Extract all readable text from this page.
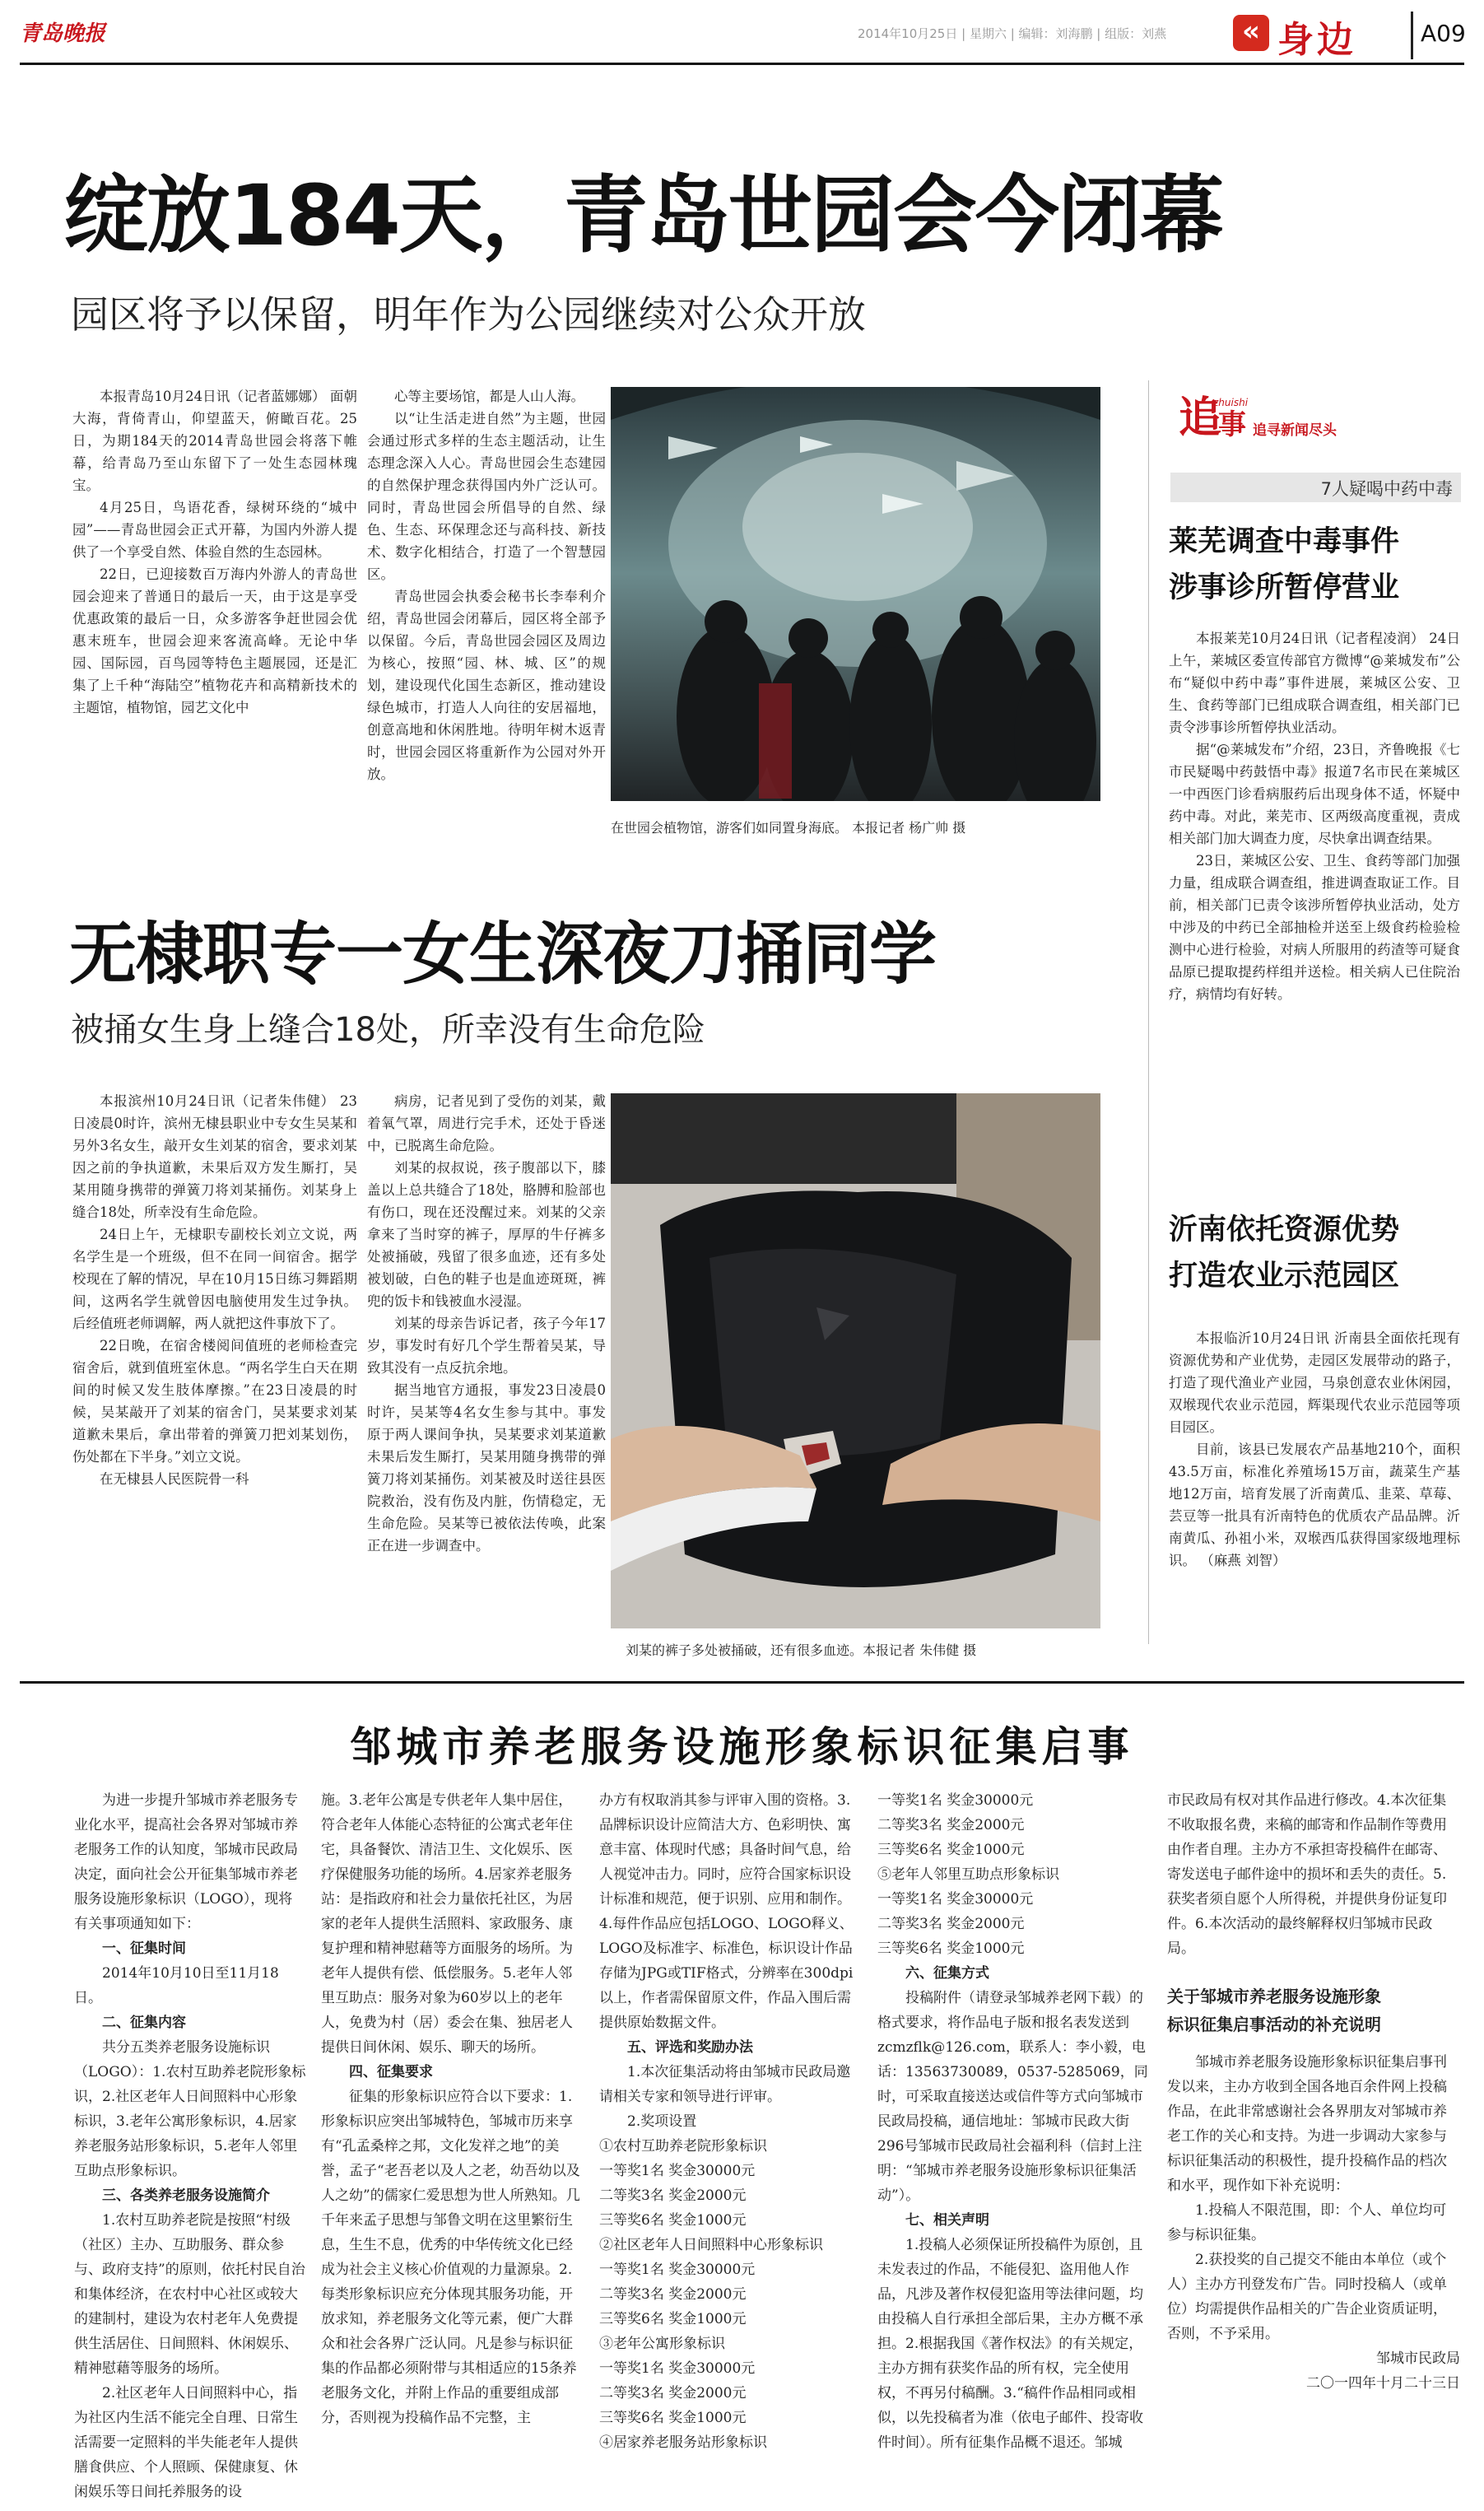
青岛晚报	2014年10月25日 | 星期六 | 编辑：刘海鹏 | 组版：刘燕	« 身边	A09
绽放184天，青岛世园会今闭幕
园区将予以保留，明年作为公园继续对公众开放

本报青岛10月24日讯（记者蓝娜娜） 面朝大海，背倚青山，仰望蓝天，俯瞰百花。25日，为期184天的2014青岛世园会将落下帷幕，给青岛乃至山东留下了一处生态园林瑰宝。

4月25日，鸟语花香，绿树环绕的“城中园”——青岛世园会正式开幕，为国内外游人提供了一个享受自然、体验自然的生态园林。

22日，已迎接数百万海内外游人的青岛世园会迎来了普通日的最后一天，由于这是享受优惠政策的最后一日，众多游客争赶世园会优惠末班车，世园会迎来客流高峰。无论中华园、国际园，百鸟园等特色主题展园，还是汇集了上千种“海陆空”植物花卉和高精新技术的主题馆，植物馆，园艺文化中

心等主要场馆，都是人山人海。

以“让生活走进自然”为主题，世园会通过形式多样的生态主题活动，让生态理念深入人心。青岛世园会生态建园的自然保护理念获得国内外广泛认可。同时，青岛世园会所倡导的自然、绿色、生态、环保理念还与高科技、新技术、数字化相结合，打造了一个智慧园区。

青岛世园会执委会秘书长李奉利介绍，青岛世园会闭幕后，园区将全部予以保留。今后，青岛世园会园区及周边为核心，按照“园、林、城、区”的规划，建设现代化国生态新区，推动建设绿色城市，打造人人向往的安居福地，创意高地和休闲胜地。待明年树木返青时，世园会园区将重新作为公园对外开放。

在世园会植物馆，游客们如同置身海底。 本报记者 杨广帅 摄
追
zhuishi
事 追寻新闻尽头
7人疑喝中药中毒
莱芜调查中毒事件
涉事诊所暂停营业

本报莱芜10月24日讯（记者程凌润） 24日上午，莱城区委宣传部官方微博“@莱城发布”公布“疑似中药中毒”事件进展，莱城区公安、卫生、食药等部门已组成联合调查组，相关部门已责令涉事诊所暂停执业活动。

据“@莱城发布”介绍，23日，齐鲁晚报《七市民疑喝中药鼓悟中毒》报道7名市民在莱城区一中西医门诊看病服药后出现身体不适，怀疑中药中毒。对此，莱芜市、区两级高度重视，责成相关部门加大调查力度，尽快拿出调查结果。

23日，莱城区公安、卫生、食药等部门加强力量，组成联合调查组，推进调查取证工作。目前，相关部门已责令该涉所暂停执业活动，处方中涉及的中药已全部抽检并送至上级食药检验检测中心进行检验，对病人所服用的药渣等可疑食品原已提取提药样组并送检。相关病人已住院治疗，病情均有好转。

沂南依托资源优势
打造农业示范园区

本报临沂10月24日讯 沂南县全面依托现有资源优势和产业优势，走园区发展带动的路子，打造了现代渔业产业园，马泉创意农业休闲园，双堠现代农业示范园，辉渠现代农业示范园等项目园区。

目前，该县已发展农产品基地210个，面积43.5万亩，标准化养殖场15万亩，蔬菜生产基地12万亩，培育发展了沂南黄瓜、韭菜、草莓、芸豆等一批具有沂南特色的优质农产品品牌。沂南黄瓜、孙祖小米，双堠西瓜获得国家级地理标识。 （麻燕 刘智）

无棣职专一女生深夜刀捅同学
被捅女生身上缝合18处，所幸没有生命危险

本报滨州10月24日讯（记者朱伟健） 23日凌晨0时许，滨州无棣县职业中专女生吴某和另外3名女生，敲开女生刘某的宿舍，要求刘某因之前的争执道歉，未果后双方发生厮打，吴某用随身携带的弹簧刀将刘某捅伤。刘某身上缝合18处，所幸没有生命危险。

24日上午，无棣职专副校长刘立文说，两名学生是一个班级，但不在同一间宿舍。据学校现在了解的情况，早在10月15日练习舞蹈期间，这两名学生就曾因电脑使用发生过争执。后经值班老师调解，两人就把这件事放下了。

22日晚，在宿舍楼阅间值班的老师检查完宿舍后，就到值班室休息。“两名学生白天在期间的时候又发生肢体摩擦。”在23日凌晨的时候，吴某敲开了刘某的宿舍门，吴某要求刘某道歉未果后，拿出带着的弹簧刀把刘某划伤，伤处都在下半身。”刘立文说。

在无棣县人民医院骨一科

病房，记者见到了受伤的刘某，戴着氧气罩，周进行完手术，还处于昏迷中，已脱离生命危险。

刘某的叔叔说，孩子腹部以下，膝盖以上总共缝合了18处，胳膊和脸部也有伤口，现在还没醒过来。刘某的父亲拿来了当时穿的裤子，厚厚的牛仔裤多处被捅破，残留了很多血迹，还有多处被划破，白色的鞋子也是血迹斑斑，裤兜的饭卡和钱被血水浸湿。

刘某的母亲告诉记者，孩子今年17岁，事发时有好几个学生帮着吴某，导致其没有一点反抗余地。

据当地官方通报，事发23日凌晨0时许，吴某等4名女生参与其中。事发原于两人课间争执，吴某要求刘某道歉未果后发生厮打，吴某用随身携带的弹簧刀将刘某捅伤。刘某被及时送往县医院救治，没有伤及内脏，伤情稳定，无生命危险。吴某等已被依法传唤，此案正在进一步调查中。

刘某的裤子多处被捅破，还有很多血迹。本报记者 朱伟健 摄
邹城市养老服务设施形象标识征集启事

为进一步提升邹城市养老服务专业化水平，提高社会各界对邹城市养老服务工作的认知度，邹城市民政局决定，面向社会公开征集邹城市养老服务设施形象标识（LOGO），现将有关事项通知如下：

一、征集时间

2014年10月10日至11月18日。

二、征集内容

共分五类养老服务设施标识（LOGO）：1.农村互助养老院形象标识，2.社区老年人日间照料中心形象标识，3.老年公寓形象标识，4.居家养老服务站形象标识，5.老年人邻里互助点形象标识。

三、各类养老服务设施简介

1.农村互助养老院是按照“村级（社区）主办、互助服务、群众参与、政府支持”的原则，依托村民自治和集体经济，在农村中心社区或较大的建制村，建设为农村老年人免费提供生活居住、日间照料、休闲娱乐、精神慰藉等服务的场所。

2.社区老年人日间照料中心，指为社区内生活不能完全自理、日常生活需要一定照料的半失能老年人提供膳食供应、个人照顾、保健康复、休闲娱乐等日间托养服务的设

施。3.老年公寓是专供老年人集中居住，符合老年人体能心态特征的公寓式老年住宅，具备餐饮、清洁卫生、文化娱乐、医疗保健服务功能的场所。4.居家养老服务站：是指政府和社会力量依托社区，为居家的老年人提供生活照料、家政服务、康复护理和精神慰藉等方面服务的场所。为老年人提供有偿、低偿服务。5.老年人邻里互助点：服务对象为60岁以上的老年人，免费为村（居）委会在集、独居老人提供日间休闲、娱乐、聊天的场所。

四、征集要求

征集的形象标识应符合以下要求：1.形象标识应突出邹城特色，邹城市历来享有“孔孟桑梓之邦，文化发祥之地”的美誉，孟子“老吾老以及人之老，幼吾幼以及人之幼”的儒家仁爱思想为世人所熟知。几千年来孟子思想与邹鲁文明在这里繁衍生息，生生不息，优秀的中华传统文化已经成为社会主义核心价值观的力量源泉。2.每类形象标识应充分体现其服务功能，开放求知，养老服务文化等元素，便广大群众和社会各界广泛认同。凡是参与标识征集的作品都必须附带与其相适应的15条养老服务文化，并附上作品的重要组成部分，否则视为投稿作品不完整，主

办方有权取消其参与评审入围的资格。3.品牌标识设计应简洁大方、色彩明快、寓意丰富、体现时代感；具备时间气息，给人视觉冲击力。同时，应符合国家标识设计标准和规范，便于识别、应用和制作。4.每件作品应包括LOGO、LOGO释义、LOGO及标准字、标准色，标识设计作品存储为JPG或TIF格式，分辨率在300dpi以上，作者需保留原文件，作品入围后需提供原始数据文件。

五、评选和奖励办法

1.本次征集活动将由邹城市民政局邀请相关专家和领导进行评审。

2.奖项设置

①农村互助养老院形象标识

一等奖1名 奖金30000元

二等奖3名 奖金2000元

三等奖6名 奖金1000元

②社区老年人日间照料中心形象标识

一等奖1名 奖金30000元

二等奖3名 奖金2000元

三等奖6名 奖金1000元

③老年公寓形象标识

一等奖1名 奖金30000元

二等奖3名 奖金2000元

三等奖6名 奖金1000元

④居家养老服务站形象标识

一等奖1名 奖金30000元

二等奖3名 奖金2000元

三等奖6名 奖金1000元

⑤老年人邻里互助点形象标识

一等奖1名 奖金30000元

二等奖3名 奖金2000元

三等奖6名 奖金1000元

六、征集方式

投稿附件（请登录邹城养老网下载）的格式要求，将作品电子版和报名表发送到zcmzflk@126.com，联系人：李小毅，电话：13563730089，0537-5285069，同时，可采取直接送达或信件等方式向邹城市民政局投稿，通信地址：邹城市民政大街296号邹城市民政局社会福利科（信封上注明：“邹城市养老服务设施形象标识征集活动”）。

七、相关声明

1.投稿人必须保证所投稿件为原创，且未发表过的作品，不能侵犯、盗用他人作品，凡涉及著作权侵犯盗用等法律问题，均由投稿人自行承担全部后果，主办方概不承担。2.根据我国《著作权法》的有关规定，主办方拥有获奖作品的所有权，完全使用权，不再另付稿酬。3.“稿件作品相同或相似，以先投稿者为准（依电子邮件、投寄收件时间）。所有征集作品概不退还。邹城

市民政局有权对其作品进行修改。4.本次征集不收取报名费，来稿的邮寄和作品制作等费用由作者自理。主办方不承担寄投稿件在邮寄、寄发送电子邮件途中的损坏和丢失的责任。5.获奖者须自愿个人所得税，并提供身份证复印件。6.本次活动的最终解释权归邹城市民政局。

关于邹城市养老服务设施形象
标识征集启事活动的补充说明

邹城市养老服务设施形象标识征集启事刊发以来，主办方收到全国各地百余件网上投稿作品，在此非常感谢社会各界朋友对邹城市养老工作的关心和支持。为进一步调动大家参与标识征集活动的积极性，提升投稿作品的档次和水平，现作如下补充说明：

1.投稿人不限范围，即：个人、单位均可参与标识征集。

2.获投奖的自己提交不能由本单位（或个人）主办方刊登发布广告。同时投稿人（或单位）均需提供作品相关的广告企业资质证明，否则，不予采用。

邹城市民政局

二〇一四年十月二十三日
